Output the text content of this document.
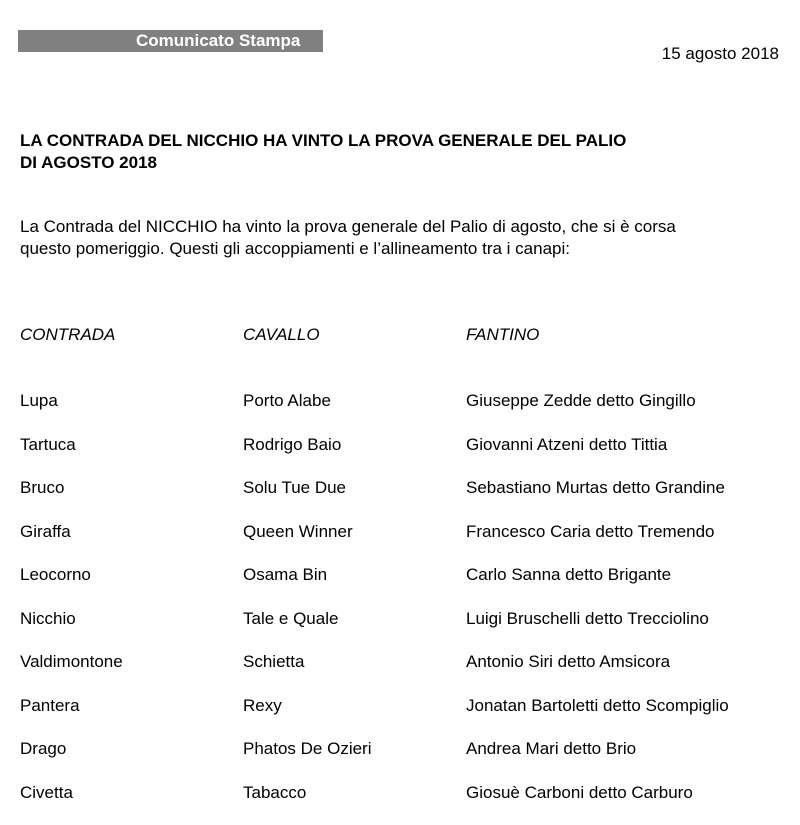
Comunicato Stampa
15 agosto 2018
LA CONTRADA DEL NICCHIO HA VINTO LA PROVA GENERALE DEL PALIO
DI AGOSTO 2018

La Contrada del NICCHIO ha vinto la prova generale del Palio di agosto, che si è corsa
questo pomeriggio. Questi gli accoppiamenti e l’allineamento tra i canapi:

CONTRADA	CAVALLO	FANTINO
Lupa	Porto Alabe	Giuseppe Zedde detto Gingillo
Tartuca	Rodrigo Baio	Giovanni Atzeni detto Tittia
Bruco	Solu Tue Due	Sebastiano Murtas detto Grandine
Giraffa	Queen Winner	Francesco Caria detto Tremendo
Leocorno	Osama Bin	Carlo Sanna detto Brigante
Nicchio	Tale e Quale	Luigi Bruschelli detto Trecciolino
Valdimontone	Schietta	Antonio Siri detto Amsicora
Pantera	Rexy	Jonatan Bartoletti detto Scompiglio
Drago	Phatos De Ozieri	Andrea Mari detto Brio
Civetta	Tabacco	Giosuè Carboni detto Carburo
